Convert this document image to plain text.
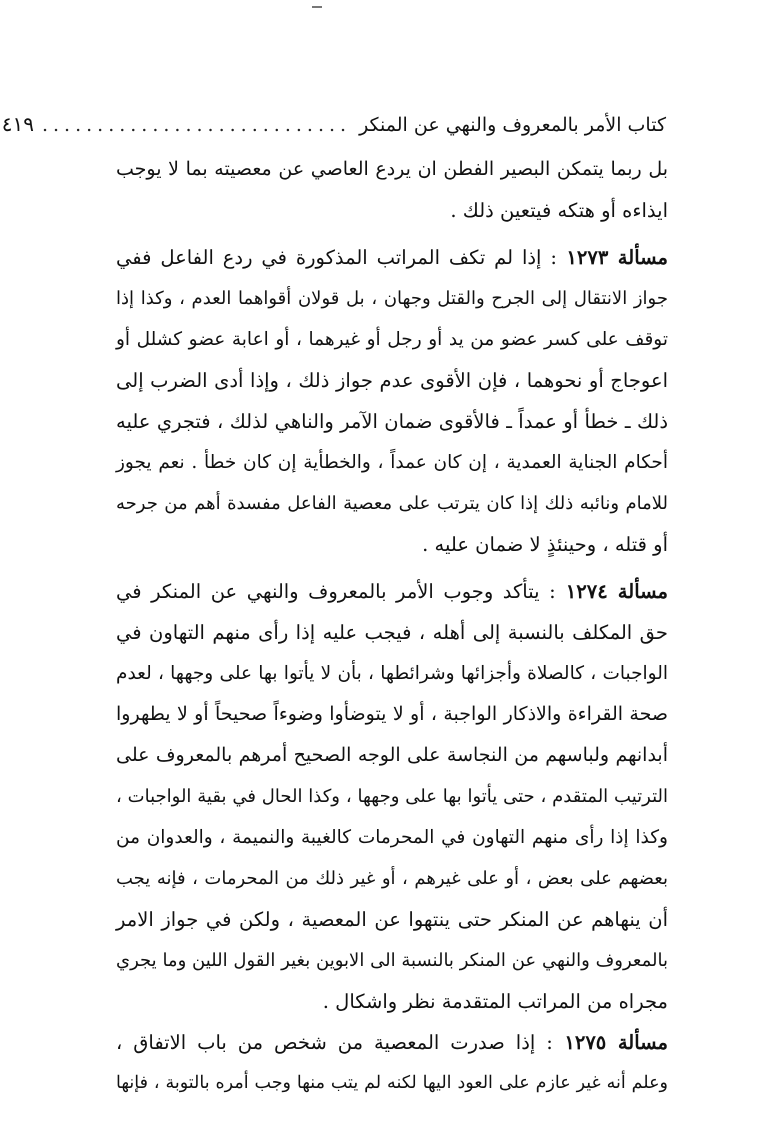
كتاب الأمر بالمعروف والنهي عن المنكر
............................
٤١٩
بل ربما يتمكن البصير الفطن ان يردع العاصي عن معصيته بما لا يوجب
ايذاءه أو هتكه فيتعين ذلك .
مسألة ١٢٧٣ : إذا لم تكف المراتب المذكورة في ردع الفاعل ففي
جواز الانتقال إلى الجرح والقتل وجهان ، بل قولان أقواهما العدم ، وكذا إذا
توقف على كسر عضو من يد أو رجل أو غيرهما ، أو اعابة عضو كشلل أو
اعوجاج أو نحوهما ، فإن الأقوى عدم جواز ذلك ، وإذا أدى الضرب إلى
ذلك ـ خطأ أو عمداً ـ فالأقوى ضمان الآمر والناهي لذلك ، فتجري عليه
أحكام الجناية العمدية ، إن كان عمداً ، والخطأية إن كان خطأ . نعم يجوز
للامام ونائبه ذلك إذا كان يترتب على معصية الفاعل مفسدة أهم من جرحه
أو قتله ، وحينئذٍ لا ضمان عليه .
مسألة ١٢٧٤ : يتأكد وجوب الأمر بالمعروف والنهي عن المنكر في
حق المكلف بالنسبة إلى أهله ، فيجب عليه إذا رأى منهم التهاون في
الواجبات ، كالصلاة وأجزائها وشرائطها ، بأن لا يأتوا بها على وجهها ، لعدم
صحة القراءة والاذكار الواجبة ، أو لا يتوضأوا وضوءاً صحيحاً أو لا يطهروا
أبدانهم ولباسهم من النجاسة على الوجه الصحيح أمرهم بالمعروف على
الترتيب المتقدم ، حتى يأتوا بها على وجهها ، وكذا الحال في بقية الواجبات ،
وكذا إذا رأى منهم التهاون في المحرمات كالغيبة والنميمة ، والعدوان من
بعضهم على بعض ، أو على غيرهم ، أو غير ذلك من المحرمات ، فإنه يجب
أن ينهاهم عن المنكر حتى ينتهوا عن المعصية ، ولكن في جواز الامر
بالمعروف والنهي عن المنكر بالنسبة الى الابوين بغير القول اللين وما يجري
مجراه من المراتب المتقدمة نظر واشكال .
مسألة ١٢٧٥ : إذا صدرت المعصية من شخص من باب الاتفاق ،
وعلم أنه غير عازم على العود اليها لكنه لم يتب منها وجب أمره بالتوبة ، فإنها
